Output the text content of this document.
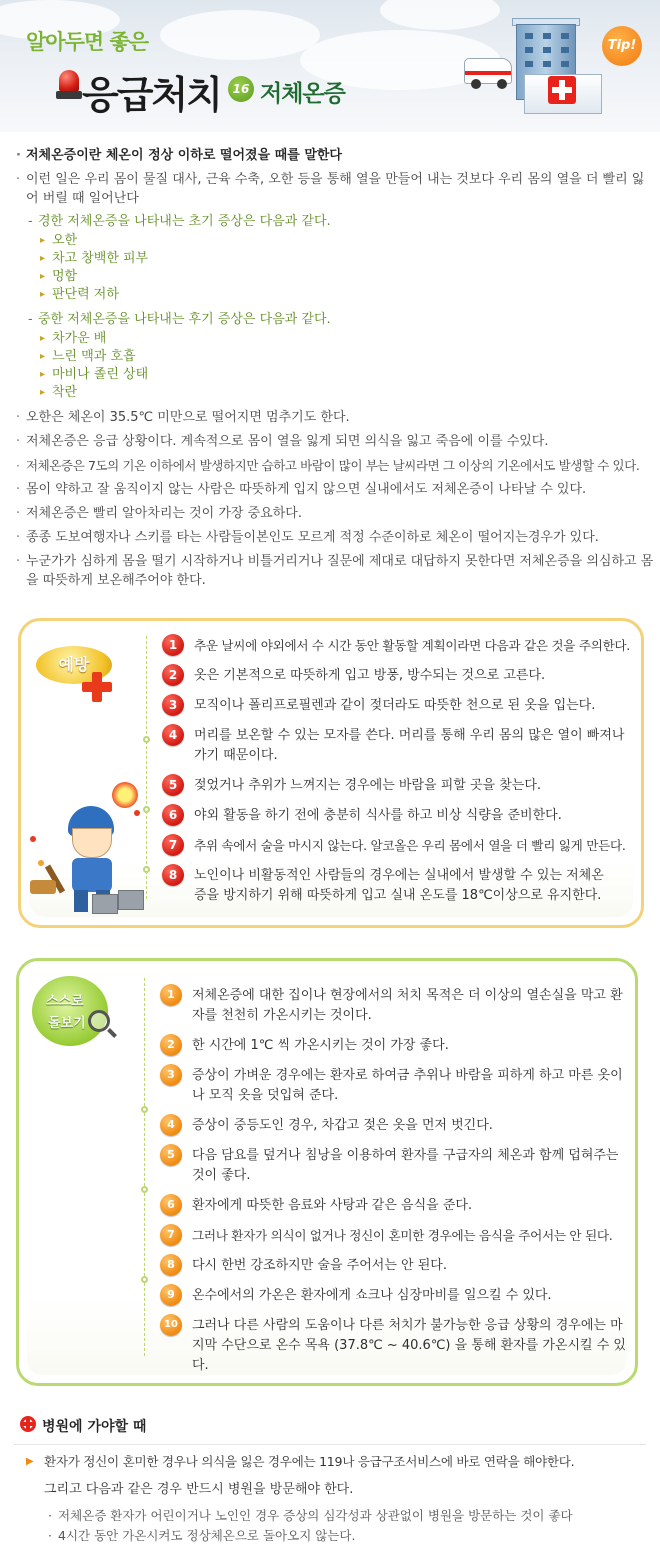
알아두면 좋은
응급처치 16 저체온증
Tip!
· 저체온증이란 체온이 정상 이하로 떨어졌을 때를 말한다
· 이런 일은 우리 몸이 물질 대사, 근육 수축, 오한 등을 통해 열을 만들어 내는 것보다 우리 몸의 열을 더 빨리 잃어 버릴 때 일어난다
- 경한 저체온증을 나타내는 초기 증상은 다음과 같다.
▸ 오한
▸ 차고 창백한 피부
▸ 멍함
▸ 판단력 저하
- 중한 저체온증을 나타내는 후기 증상은 다음과 같다.
▸ 차가운 배
▸ 느린 맥과 호흡
▸ 마비나 졸린 상태
▸ 착란
· 오한은 체온이 35.5℃ 미만으로 떨어지면 멈추기도 한다.
· 저체온증은 응급 상황이다. 계속적으로 몸이 열을 잃게 되면 의식을 잃고 죽음에 이를 수있다.
· 저체온증은 7도의 기온 이하에서 발생하지만 습하고 바람이 많이 부는 날씨라면 그 이상의 기온에서도 발생할 수 있다.
· 몸이 약하고 잘 움직이지 않는 사람은 따뜻하게 입지 않으면 실내에서도 저체온증이 나타날 수 있다.
· 저체온증은 빨리 알아차리는 것이 가장 중요하다.
· 종종 도보여행자나 스키를 타는 사람들이본인도 모르게 적정 수준이하로 체온이 떨어지는경우가 있다.
· 누군가가 심하게 몸을 떨기 시작하거나 비틀거리거나 질문에 제대로 대답하지 못한다면 저체온증을 의심하고 몸을 따뜻하게 보온해주어야 한다.
예방
1	추운 날씨에 야외에서 수 시간 동안 활동할 계획이라면 다음과 같은 것을 주의한다.
2	옷은 기본적으로 따뜻하게 입고 방풍, 방수되는 것으로 고른다.
3	모직이나 폴리프로필렌과 같이 젖더라도 따뜻한 천으로 된 옷을 입는다.
4	머리를 보온할 수 있는 모자를 쓴다. 머리를 통해 우리 몸의 많은 열이 빠져나가기 때문이다.
5	젖었거나 추위가 느껴지는 경우에는 바람을 피할 곳을 찾는다.
6	야외 활동을 하기 전에 충분히 식사를 하고 비상 식량을 준비한다.
7	추위 속에서 술을 마시지 않는다. 알코올은 우리 몸에서 열을 더 빨리 잃게 만든다.
8	노인이나 비활동적인 사람들의 경우에는 실내에서 발생할 수 있는 저체온증을 방지하기 위해 따뜻하게 입고 실내 온도를 18℃이상으로 유지한다.
스스로
돌보기
1	저체온증에 대한 집이나 현장에서의 처치 목적은 더 이상의 열손실을 막고 환자를 천천히 가온시키는 것이다.
2	한 시간에 1℃ 씩 가온시키는 것이 가장 좋다.
3	증상이 가벼운 경우에는 환자로 하여금 추위나 바람을 피하게 하고 마른 옷이나 모직 옷을 덧입혀 준다.
4	증상이 중등도인 경우, 차갑고 젖은 옷을 먼저 벗긴다.
5	다음 담요를 덮거나 침낭을 이용하여 환자를 구급자의 체온과 함께 덥혀주는 것이 좋다.
6	환자에게 따뜻한 음료와 사탕과 같은 음식을 준다.
7	그러나 환자가 의식이 없거나 정신이 혼미한 경우에는 음식을 주어서는 안 된다.
8	다시 한번 강조하지만 술을 주어서는 안 된다.
9	온수에서의 가온은 환자에게 쇼크나 심장마비를 일으킬 수 있다.
10	그러나 다른 사람의 도움이나 다른 처치가 불가능한 응급 상황의 경우에는 마지막 수단으로 온수 목욕 (37.8℃ ~ 40.6℃) 을 통해 환자를 가온시킬 수 있다.
병원에 가야할 때
▶ 환자가 정신이 혼미한 경우나 의식을 잃은 경우에는 119나 응급구조서비스에 바로 연락을 해야한다.
그리고 다음과 같은 경우 반드시 병원을 방문해야 한다.
· 저체온증 환자가 어린이거나 노인인 경우 증상의 심각성과 상관없이 병원을 방문하는 것이 좋다
· 4시간 동안 가온시켜도 정상체온으로 돌아오지 않는다.
